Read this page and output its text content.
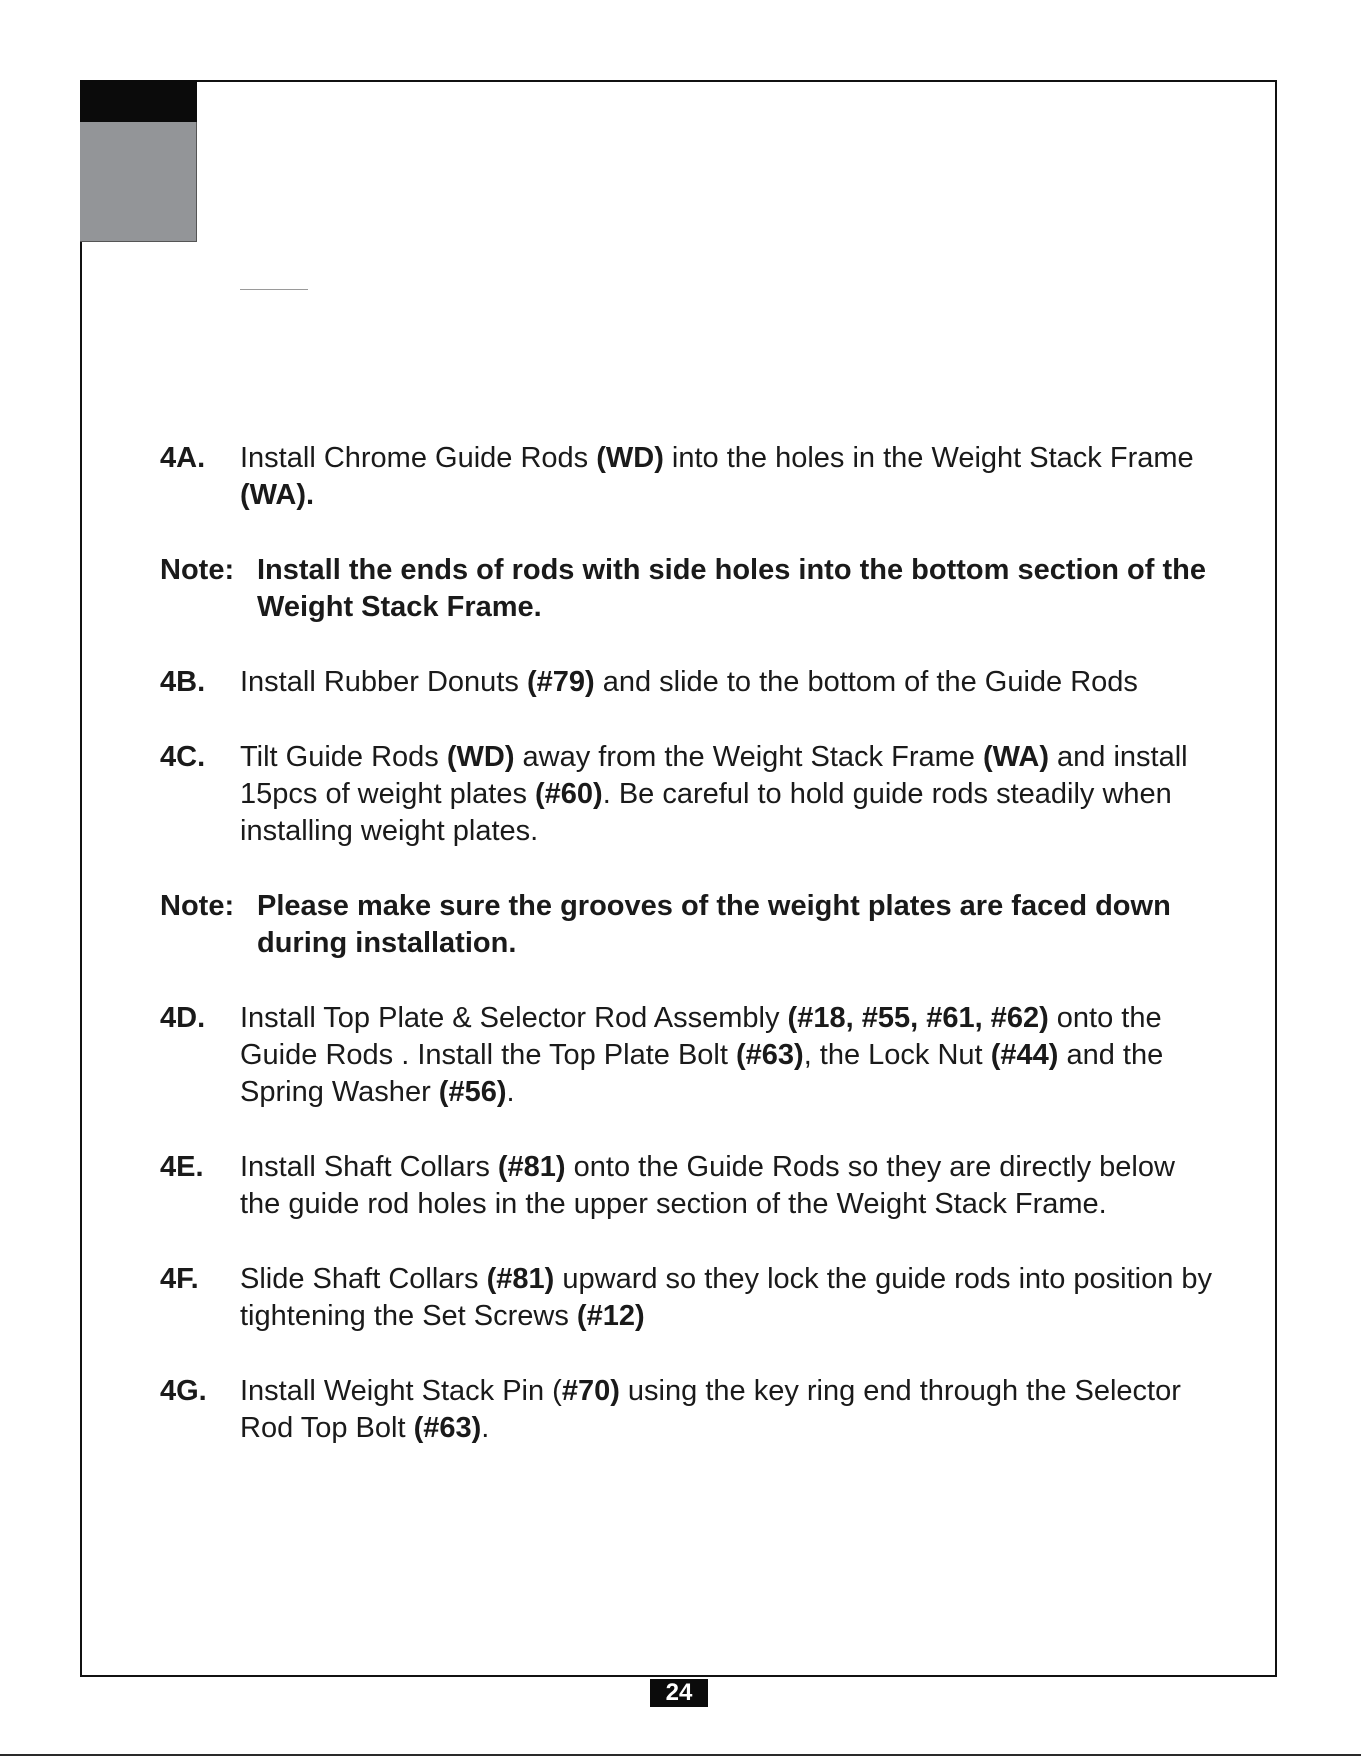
4A.	Install Chrome Guide Rods (WD) into the holes in the Weight Stack Frame (WA).
Note: Install the ends of rods with side holes into the bottom section of the Weight Stack Frame.
4B.	Install Rubber Donuts (#79) and slide to the bottom of the Guide Rods
4C.	Tilt Guide Rods (WD) away from the Weight Stack Frame (WA) and install 15pcs of weight plates (#60). Be careful to hold guide rods steadily when installing weight plates.
Note: Please make sure the grooves of the weight plates are faced down during installation.
4D.	Install Top Plate & Selector Rod Assembly (#18, #55, #61, #62) onto the Guide Rods . Install the Top Plate Bolt (#63), the Lock Nut (#44) and the Spring Washer (#56).
4E.	Install Shaft Collars (#81) onto the Guide Rods so they are directly below the guide rod holes in the upper section of the Weight Stack Frame.
4F.	Slide Shaft Collars (#81) upward so they lock the guide rods into position by tightening the Set Screws (#12)
4G.	Install Weight Stack Pin (#70) using the key ring end through the Selector Rod Top Bolt (#63).
24
